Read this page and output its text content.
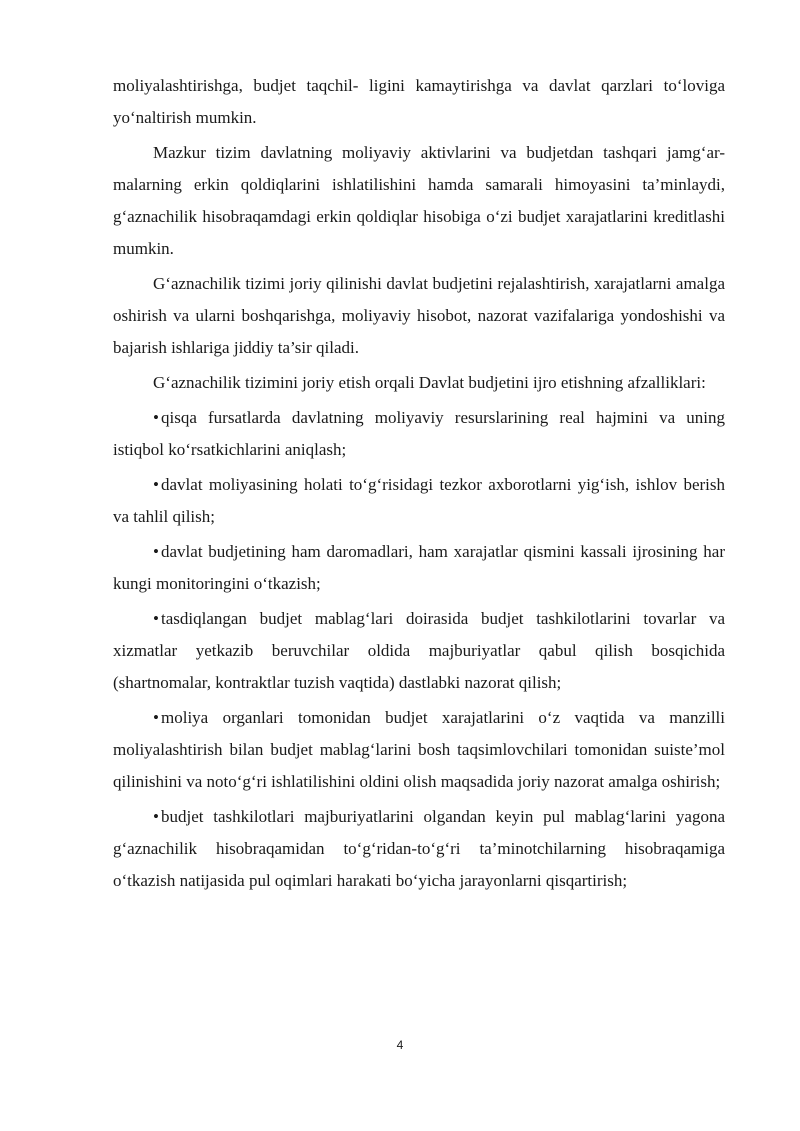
moliyalashtirishga, budjet taqchil- ligini kamaytirishga va davlat qarzlari to‘loviga yo‘naltirish mumkin.

Mazkur tizim davlatning moliyaviy aktivlarini va budjetdan tashqari jamg‘ar-malarning erkin qoldiqlarini ishlatilishini hamda samarali himoyasini ta’minlaydi, g‘aznachilik hisobraqamdagi erkin qoldiqlar hisobiga o‘zi budjet xarajatlarini kreditlashi mumkin.

G‘aznachilik tizimi joriy qilinishi davlat budjetini rejalashtirish, xarajatlarni amalga oshirish va ularni boshqarishga, moliyaviy hisobot, nazorat vazifalariga yondoshishi va bajarish ishlariga jiddiy ta’sir qiladi.

G‘aznachilik tizimini joriy etish orqali Davlat budjetini ijro etishning afzalliklari:

• qisqa fursatlarda davlatning moliyaviy resurslarining real hajmini va uning istiqbol ko‘rsatkichlarini aniqlash;

• davlat moliyasining holati to‘g‘risidagi tezkor axborotlarni yig‘ish, ishlov berish va tahlil qilish;

• davlat budjetining ham daromadlari, ham xarajatlar qismini kassali ijrosining har kungi monitoringini o‘tkazish;

• tasdiqlangan budjet mablag‘lari doirasida budjet tashkilotlarini tovarlar va xizmatlar yetkazib beruvchilar oldida majburiyatlar qabul qilish bosqichida (shartnomalar, kontraktlar tuzish vaqtida) dastlabki nazorat qilish;

• moliya organlari tomonidan budjet xarajatlarini o‘z vaqtida va manzilli moliyalashtirish bilan budjet mablag‘larini bosh taqsimlovchilari tomonidan suiste’mol qilinishini va noto‘g‘ri ishlatilishini oldini olish maqsadida joriy nazorat amalga oshirish;

• budjet tashkilotlari majburiyatlarini olgandan keyin pul mablag‘larini yagona g‘aznachilik hisobraqamidan to‘g‘ridan-to‘g‘ri ta’minotchilarning hisobraqamiga o‘tkazish natijasida pul oqimlari harakati bo‘yicha jarayonlarni qisqartirish;

4
